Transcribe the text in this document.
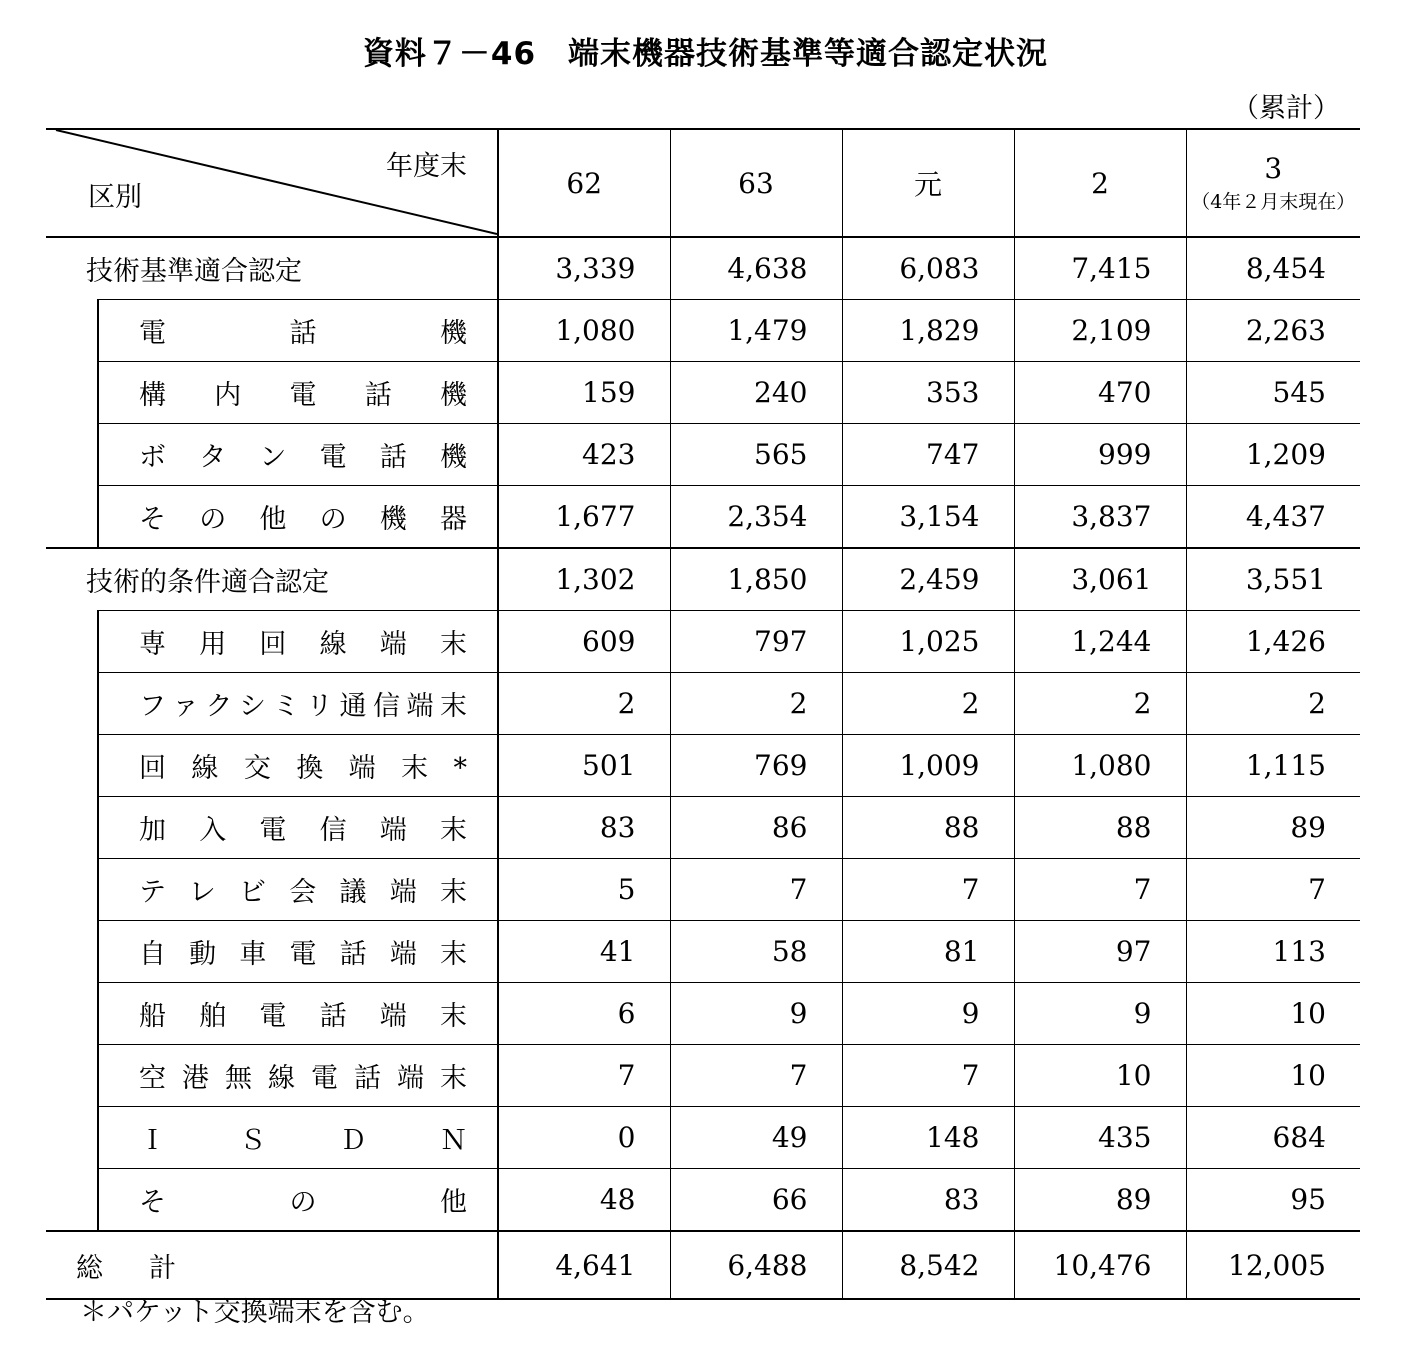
資料７－46　端末機器技術基準等適合認定状況
（累計）
年度末
区別		62	63	元	2	3
（4年２月末現在）

技術基準適合認定		3,339	4,638	6,083	7,415	8,454
	電話機	1,080	1,479	1,829	2,109	2,263
	構内電話機	159	240	353	470	545
	ボタン電話機	423	565	747	999	1,209
	その他の機器	1,677	2,354	3,154	3,837	4,437
技術的条件適合認定		1,302	1,850	2,459	3,061	3,551
	専用回線端末	609	797	1,025	1,244	1,426
	ファクシミリ通信端末	2	2	2	2	2
	回線交換端末*	501	769	1,009	1,080	1,115
	加入電信端末	83	86	88	88	89
	テレビ会議端末	5	7	7	7	7
	自動車電話端末	41	58	81	97	113
	船舶電話端末	6	9	9	9	10
	空港無線電話端末	7	7	7	10	10
	ＩＳＤＮ	0	49	148	435	684
	その他	48	66	83	89	95
総計		4,641	6,488	8,542	10,476	12,005
＊パケット交換端末を含む。
